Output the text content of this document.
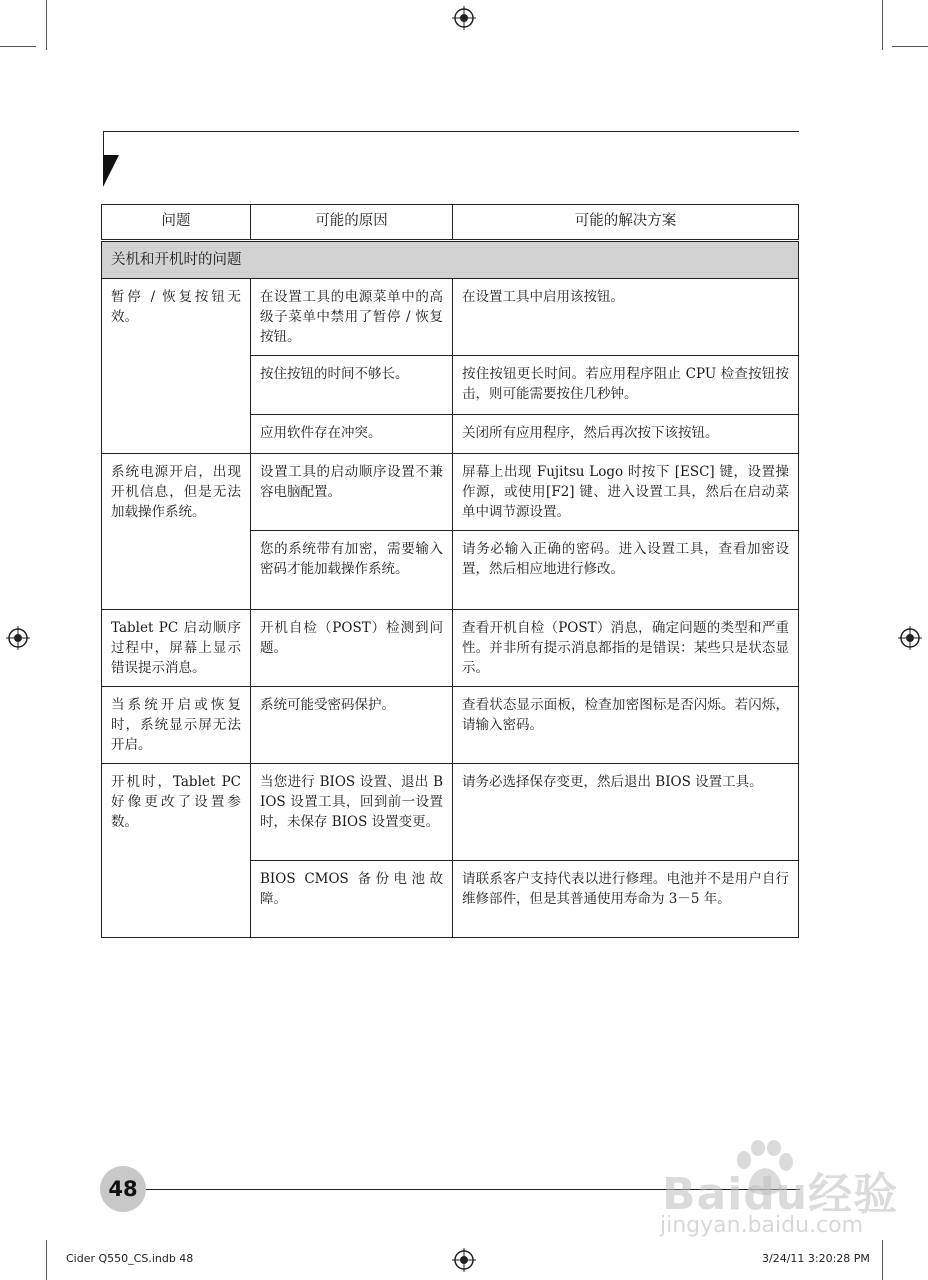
问题	可能的原因	可能的解决方案
关机和开机时的问题		
暂停 / 恢复按钮无效。	在设置工具的电源菜单中的高级子菜单中禁用了暂停 / 恢复按钮。	在设置工具中启用该按钮。
	按住按钮的时间不够长。	按住按钮更长时间。若应用程序阻止 CPU 检查按钮按击，则可能需要按住几秒钟。
	应用软件存在冲突。	关闭所有应用程序，然后再次按下该按钮。
系统电源开启，出现开机信息，但是无法加载操作系统。	设置工具的启动顺序设置不兼容电脑配置。	屏幕上出现 Fujitsu Logo 时按下 [ESC] 键，设置操作源，或使用[F2] 键、进入设置工具，然后在启动菜单中调节源设置。
	您的系统带有加密，需要输入密码才能加载操作系统。	请务必输入正确的密码。进入设置工具，查看加密设置，然后相应地进行修改。
Tablet PC 启动顺序过程中，屏幕上显示错误提示消息。	开机自检（POST）检测到问题。	查看开机自检（POST）消息，确定问题的类型和严重性。并非所有提示消息都指的是错误：某些只是状态显示。
当系统开启或恢复时，系统显示屏无法开启。	系统可能受密码保护。	查看状态显示面板，检查加密图标是否闪烁。若闪烁，请输入密码。
开机时，Tablet PC 好像更改了设置参数。	当您进行 BIOS 设置、退出 BIOS 设置工具，回到前一设置时，未保存 BIOS 设置变更。	请务必选择保存变更，然后退出 BIOS 设置工具。
	BIOS CMOS 备份电池故障。	请联系客户支持代表以进行修理。电池并不是用户自行维修部件，但是其普通使用寿命为 3－5 年。
48	Baidu经验
jingyan.baidu.com
Cider Q550_CS.indb 48	3/24/11 3:20:28 PM
